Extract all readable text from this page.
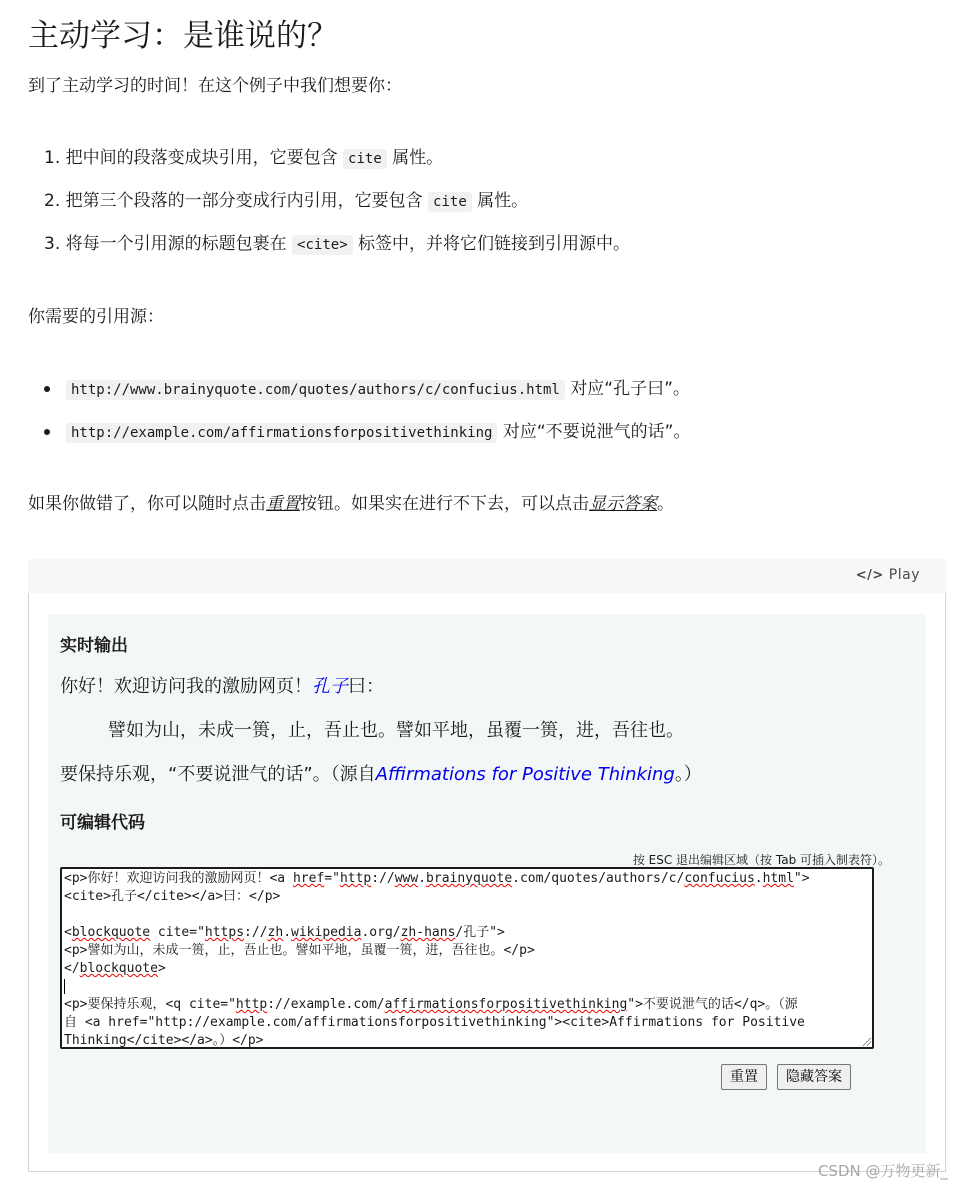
主动学习：是谁说的？

到了主动学习的时间！在这个例子中我们想要你：

1. 把中间的段落变成块引用，它要包含 cite 属性。

2. 把第三个段落的一部分变成行内引用，它要包含 cite 属性。

3. 将每一个引用源的标题包裹在 <cite> 标签中，并将它们链接到引用源中。

你需要的引用源：

http://www.brainyquote.com/quotes/authors/c/confucius.html 对应“孔子曰”。

http://example.com/affirmationsforpositivethinking 对应“不要说泄气的话”。

如果你做错了，你可以随时点击重置按钮。如果实在进行不下去，可以点击显示答案。

</> Play

实时输出

你好！欢迎访问我的激励网页！孔子曰：

譬如为山，未成一篑，止，吾止也。譬如平地，虽覆一篑，进，吾往也。

要保持乐观，“不要说泄气的话”。（源自Affirmations for Positive Thinking。）

可编辑代码

按 ESC 退出编辑区域（按 Tab 可插入制表符）。
<p>你好！欢迎访问我的激励网页！<a href="http://www.brainyquote.com/quotes/authors/c/confucius.html">
<cite>孔子</cite></a>曰：</p>
<blockquote cite="https://zh.wikipedia.org/zh-hans/孔子">
<p>譬如为山，未成一篑，止，吾止也。譬如平地，虽覆一篑，进，吾往也。</p>
</blockquote>
<p>要保持乐观，<q cite="http://example.com/affirmationsforpositivethinking">不要说泄气的话</q>。（源
自 <a href="http://example.com/affirmationsforpositivethinking"><cite>Affirmations for Positive
Thinking</cite></a>。）</p>
重置	隐藏答案
CSDN @万物更新_
